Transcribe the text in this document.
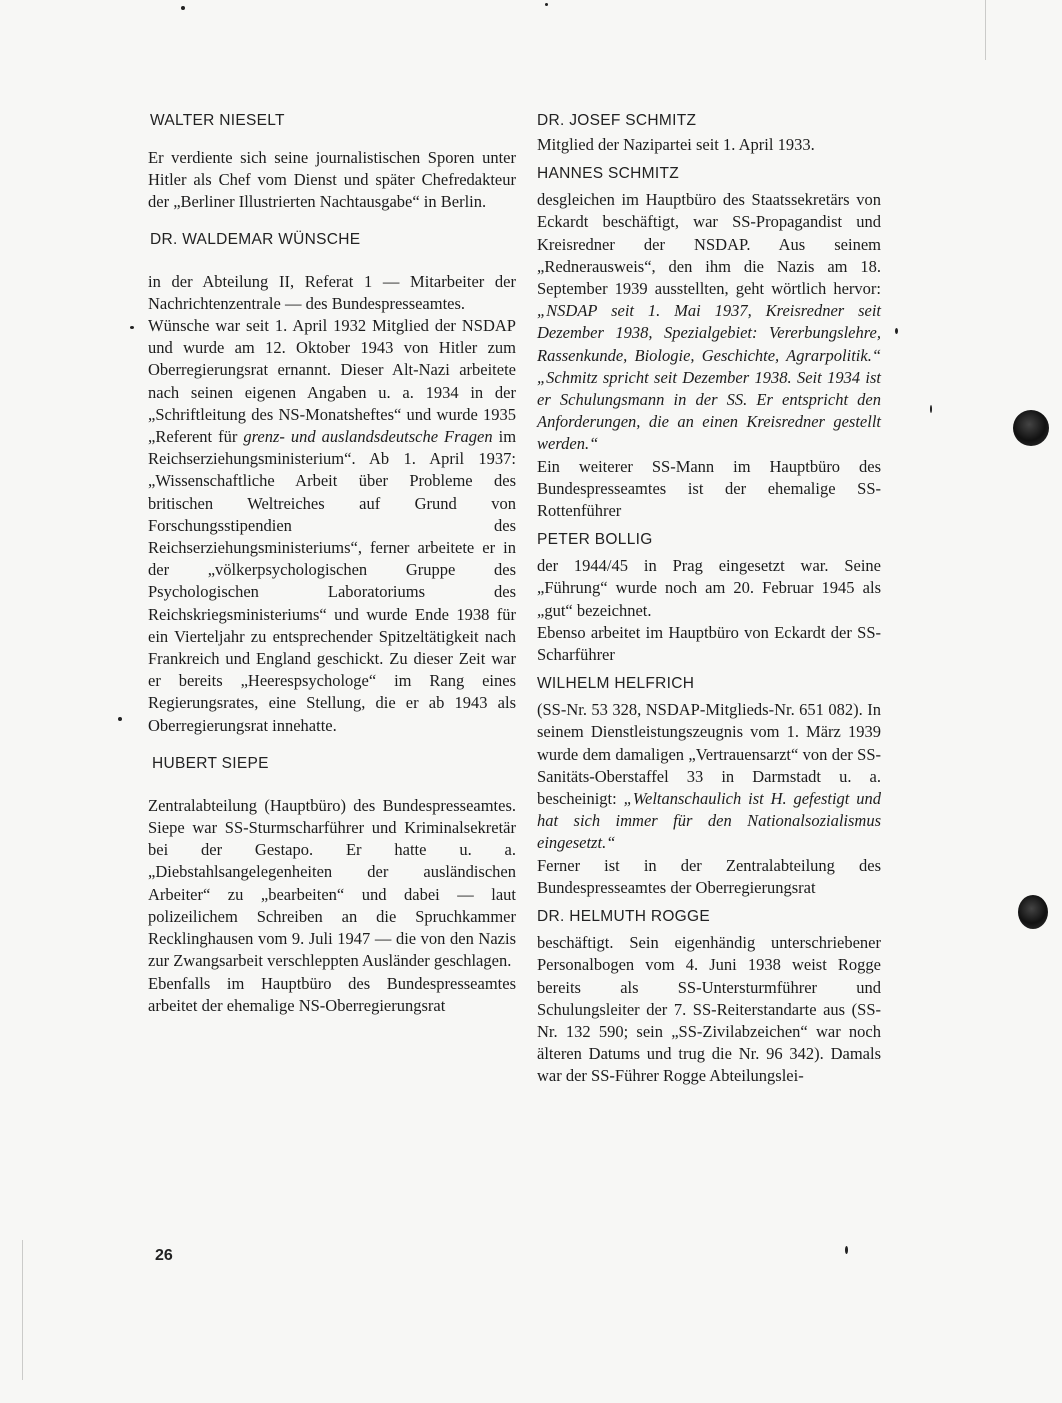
WALTER NIESELT

Er verdiente sich seine journalistischen Sporen unter Hitler als Chef vom Dienst und später Chefredakteur der „Berliner Illustrierten Nachtausgabe“ in Berlin.

DR. WALDEMAR WÜNSCHE

in der Abteilung II, Referat 1 — Mitarbeiter der Nachrichtenzentrale — des Bundespresseamtes.

Wünsche war seit 1. April 1932 Mitglied der NSDAP und wurde am 12. Oktober 1943 von Hitler zum Oberregierungsrat ernannt. Dieser Alt-Nazi arbeitete nach seinen eigenen Angaben u. a. 1934 in der „Schriftleitung des NS-Monatsheftes“ und wurde 1935 „Referent für grenz- und auslandsdeutsche Fragen im Reichserziehungsministerium“. Ab 1. April 1937: „Wissenschaftliche Arbeit über Probleme des britischen Weltreiches auf Grund von Forschungsstipendien des Reichserziehungsministeriums“, ferner arbeitete er in der „völkerpsychologischen Gruppe des Psychologischen Laboratoriums des Reichskriegsministeriums“ und wurde Ende 1938 für ein Vierteljahr zu entsprechender Spitzeltätigkeit nach Frankreich und England geschickt. Zu dieser Zeit war er bereits „Heerespsychologe“ im Rang eines Regierungsrates, eine Stellung, die er ab 1943 als Oberregierungsrat innehatte.

HUBERT SIEPE

Zentralabteilung (Hauptbüro) des Bundespresseamtes. Siepe war SS-Sturmscharführer und Kriminalsekretär bei der Gestapo. Er hatte u. a. „Diebstahlsangelegenheiten der ausländischen Arbeiter“ zu „bearbeiten“ und dabei — laut polizeilichem Schreiben an die Spruchkammer Recklinghausen vom 9. Juli 1947 — die von den Nazis zur Zwangsarbeit verschleppten Ausländer geschlagen.

Ebenfalls im Hauptbüro des Bundespresseamtes arbeitet der ehemalige NS-Oberregierungsrat

DR. JOSEF SCHMITZ

Mitglied der Nazipartei seit 1. April 1933.

HANNES SCHMITZ

desgleichen im Hauptbüro des Staatssekretärs von Eckardt beschäftigt, war SS-Propagandist und Kreisredner der NSDAP. Aus seinem „Rednerausweis“, den ihm die Nazis am 18. September 1939 ausstellten, geht wörtlich hervor: „NSDAP seit 1. Mai 1937, Kreisredner seit Dezember 1938, Spezialgebiet: Vererbungslehre, Rassenkunde, Biologie, Geschichte, Agrarpolitik.“ „Schmitz spricht seit Dezember 1938. Seit 1934 ist er Schulungsmann in der SS. Er entspricht den Anforderungen, die an einen Kreisredner gestellt werden.“

Ein weiterer SS-Mann im Hauptbüro des Bundespresseamtes ist der ehemalige SS-Rottenführer

PETER BOLLIG

der 1944/45 in Prag eingesetzt war. Seine „Führung“ wurde noch am 20. Februar 1945 als „gut“ bezeichnet.

Ebenso arbeitet im Hauptbüro von Eckardt der SS-Scharführer

WILHELM HELFRICH

(SS-Nr. 53 328, NSDAP-Mitglieds-Nr. 651 082). In seinem Dienstleistungszeugnis vom 1. März 1939 wurde dem damaligen „Vertrauensarzt“ von der SS-Sanitäts-Oberstaffel 33 in Darmstadt u. a. bescheinigt: „Weltanschaulich ist H. gefestigt und hat sich immer für den Nationalsozialismus eingesetzt.“

Ferner ist in der Zentralabteilung des Bundespresseamtes der Oberregierungsrat

DR. HELMUTH ROGGE

beschäftigt. Sein eigenhändig unterschriebener Personalbogen vom 4. Juni 1938 weist Rogge bereits als SS-Untersturmführer und Schulungsleiter der 7. SS-Reiterstandarte aus (SS-Nr. 132 590; sein „SS-Zivilabzeichen“ war noch älteren Datums und trug die Nr. 96 342). Damals war der SS-Führer Rogge Abteilungslei-

26
